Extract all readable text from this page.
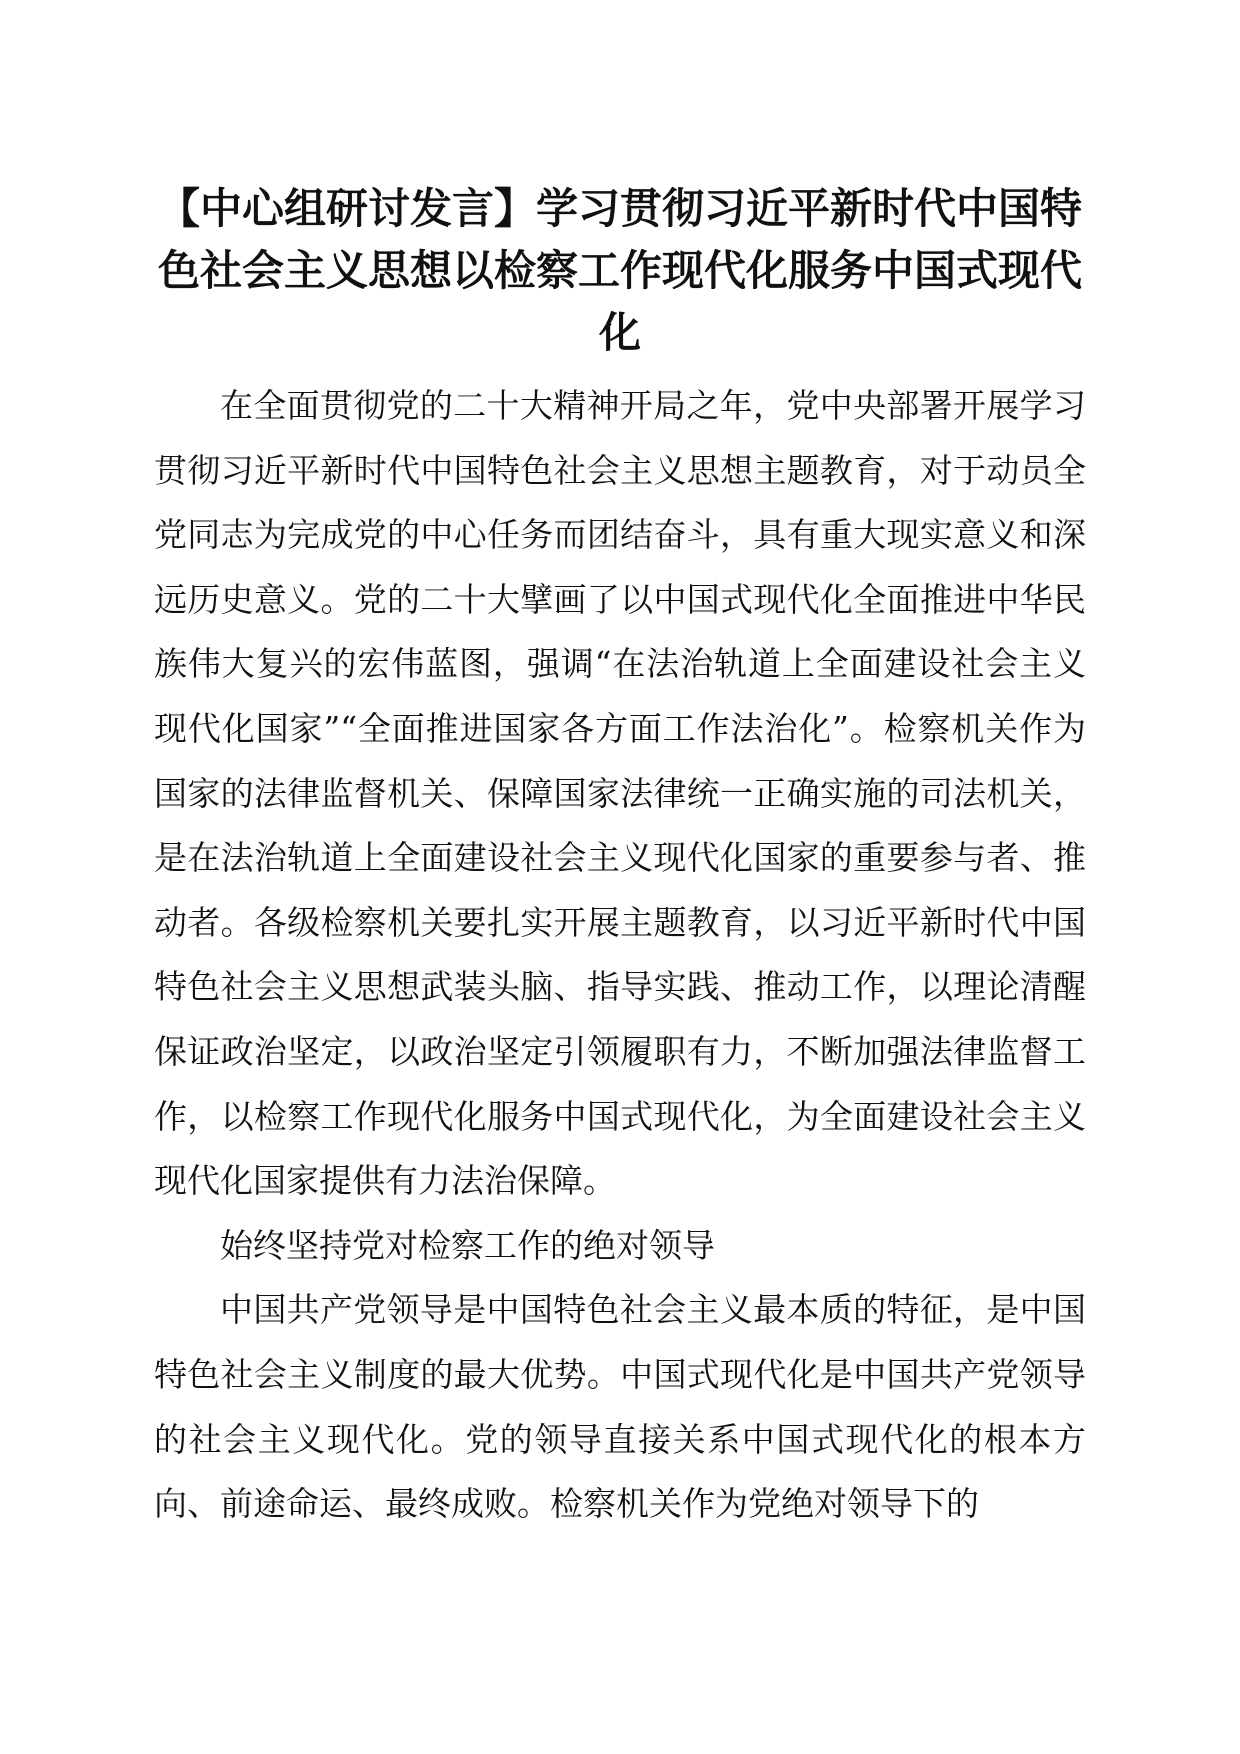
【中心组研讨发言】学习贯彻习近平新时代中国特色社会主义思想以检察工作现代化服务中国式现代化

在全面贯彻党的二十大精神开局之年，党中央部署开展学习贯彻习近平新时代中国特色社会主义思想主题教育，对于动员全党同志为完成党的中心任务而团结奋斗，具有重大现实意义和深远历史意义。党的二十大擘画了以中国式现代化全面推进中华民族伟大复兴的宏伟蓝图，强调“在法治轨道上全面建设社会主义现代化国家”“全面推进国家各方面工作法治化”。检察机关作为国家的法律监督机关、保障国家法律统一正确实施的司法机关，是在法治轨道上全面建设社会主义现代化国家的重要参与者、推动者。各级检察机关要扎实开展主题教育，以习近平新时代中国特色社会主义思想武装头脑、指导实践、推动工作，以理论清醒保证政治坚定，以政治坚定引领履职有力，不断加强法律监督工作，以检察工作现代化服务中国式现代化，为全面建设社会主义现代化国家提供有力法治保障。

始终坚持党对检察工作的绝对领导

中国共产党领导是中国特色社会主义最本质的特征，是中国特色社会主义制度的最大优势。中国式现代化是中国共产党领导的社会主义现代化。党的领导直接关系中国式现代化的根本方向、前途命运、最终成败。检察机关作为党绝对领导下的
